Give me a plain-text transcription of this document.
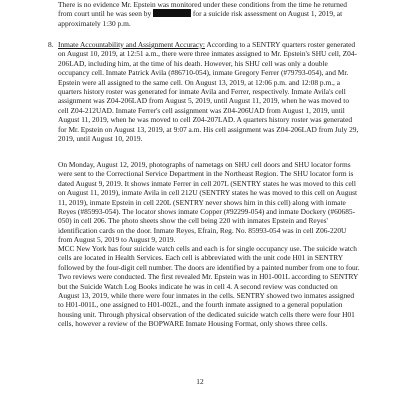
There is no evidence Mr. Epstein was monitored under these conditions from the time he returned from court until he was seen by	for a suicide risk assessment on August 1, 2019, at approximately 1:30 p.m.

8. Inmate Accountability and Assignment Accuracy: According to a SENTRY quarters roster generated on August 10, 2019, at 12:51 a.m., there were three inmates assigned to Mr. Epstein's SHU cell, Z04-206LAD, including him, at the time of his death. However, his SHU cell was only a double occupancy cell. Inmate Patrick Avila (#86710-054), inmate Gregory Ferrer (#79793-054), and Mr. Epstein were all assigned to the same cell. On August 13, 2019, at 12:06 p.m. and 12:08 p.m., a quarters history roster was generated for inmate Avila and Ferrer, respectively. Inmate Avila's cell assignment was Z04-206LAD from August 5, 2019, until August 11, 2019, when he was moved to cell Z04-212UAD. Inmate Ferrer's cell assignment was Z04-206UAD from August 1, 2019, until August 11, 2019, when he was moved to cell Z04-207LAD. A quarters history roster was generated for Mr. Epstein on August 13, 2019, at 9:07 a.m. His cell assignment was Z04-206LAD from July 29, 2019, until August 10, 2019.

On Monday, August 12, 2019, photographs of nametags on SHU cell doors and SHU locator forms were sent to the Correctional Service Department in the Northeast Region. The SHU locator form is dated August 9, 2019. It shows inmate Ferrer in cell 207L (SENTRY states he was moved to this cell on August 11, 2019), inmate Avila in cell 212U (SENTRY states he was moved to this cell on August 11, 2019), inmate Epstein in cell 220L (SENTRY never shows him in this cell) along with inmate Reyes (#85993-054). The locator shows inmate Copper (#92299-054) and inmate Dockery (#60685-050) in cell 206. The photo sheets show the cell being 220 with inmates Epstein and Reyes' identification cards on the door. Inmate Reyes, Efrain, Reg. No. 85993-054 was in cell Z06-220U from August 5, 2019 to August 9, 2019.

MCC New York has four suicide watch cells and each is for single occupancy use. The suicide watch cells are located in Health Services. Each cell is abbreviated with the unit code H01 in SENTRY followed by the four-digit cell number. The doors are identified by a painted number from one to four. Two reviews were conducted. The first revealed Mr. Epstein was in H01-001L according to SENTRY but the Suicide Watch Log Books indicate he was in cell 4. A second review was conducted on August 13, 2019, while there were four inmates in the cells. SENTRY showed two inmates assigned to H01-001L, one assigned to H01-002L, and the fourth inmate assigned to a general population housing unit. Through physical observation of the dedicated suicide watch cells there were four H01 cells, however a review of the BOPWARE Inmate Housing Format, only shows three cells.

12
